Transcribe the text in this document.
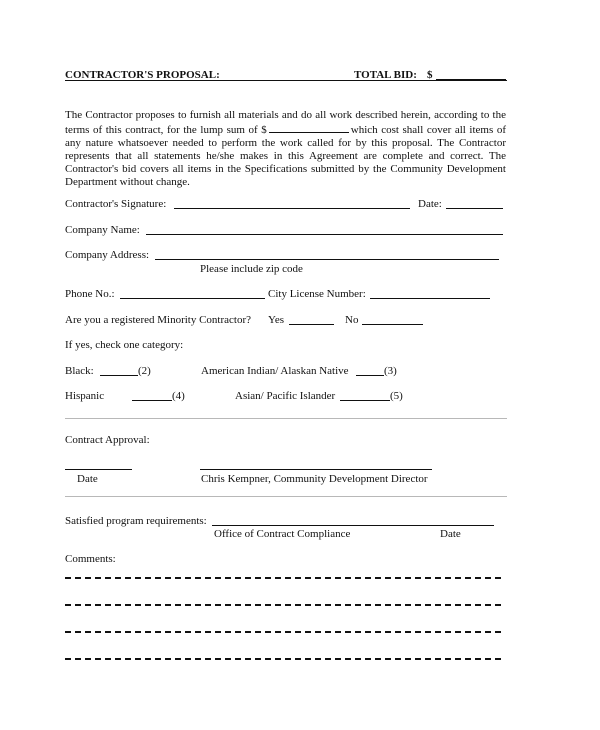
CONTRACTOR'S PROPOSAL:	TOTAL BID: $
The Contractor proposes to furnish all materials and do all work described herein, according to the terms of this contract, for the lump sum of $	which cost shall cover all items of any nature whatsoever needed to perform the work called for by this proposal. The Contractor represents that all statements he/she makes in this Agreement are complete and correct. The Contractor's bid covers all items in the Specifications submitted by the Community Development Department without change.
Contractor's Signature:	Date:
Company Name:
Company Address:
Please include zip code
Phone No.:	City License Number:
Are you a registered Minority Contractor? Yes	No
If yes, check one category:
Black:	(2)	American Indian/ Alaskan Native	(3)
Hispanic	(4)	Asian/ Pacific Islander	(5)
Contract Approval:
Date	Chris Kempner, Community Development Director
Satisfied program requirements:
Office of Contract Compliance	Date
Comments:
